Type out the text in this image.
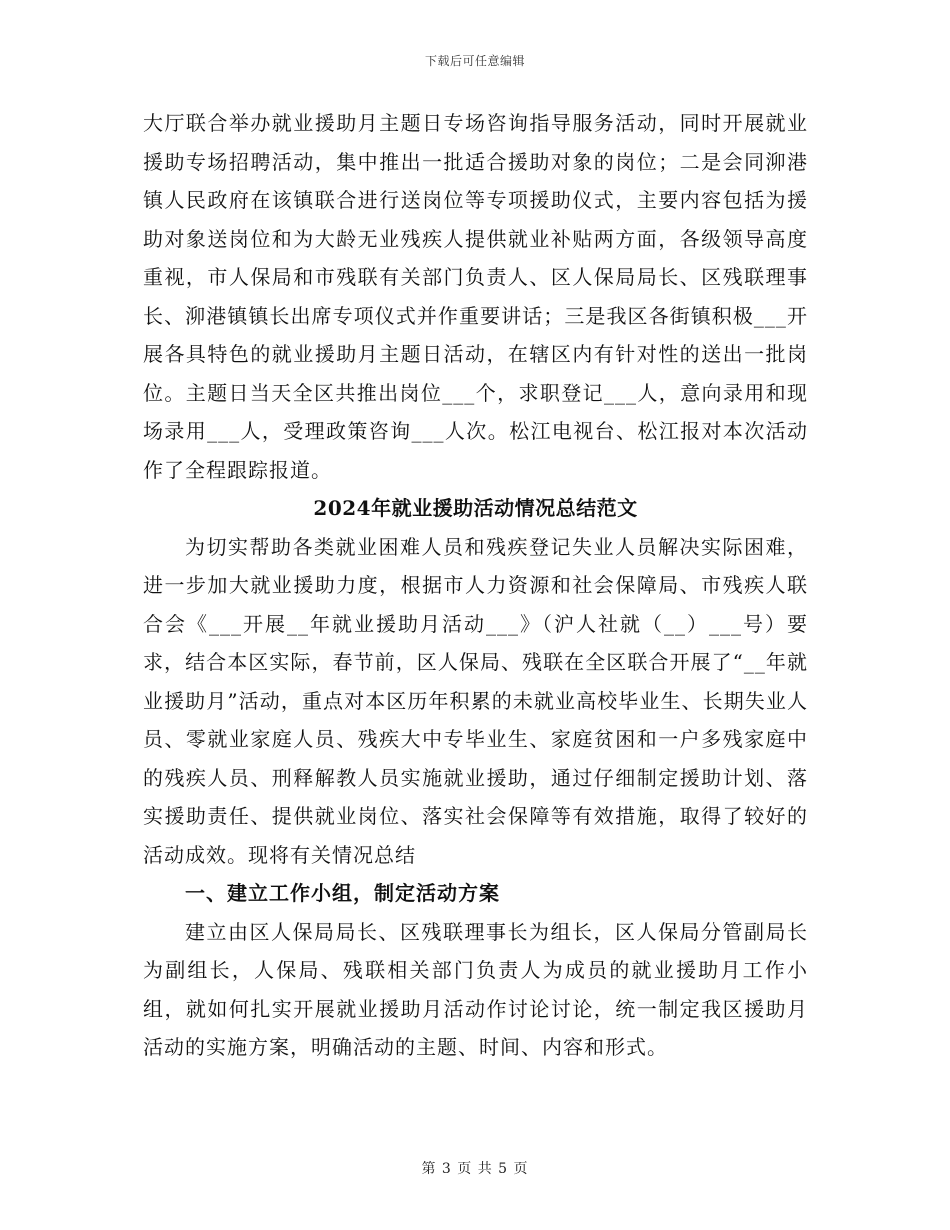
下载后可任意编辑

大厅联合举办就业援助月主题日专场咨询指导服务活动，同时开展就业援助专场招聘活动，集中推出一批适合援助对象的岗位；二是会同泖港镇人民政府在该镇联合进行送岗位等专项援助仪式，主要内容包括为援助对象送岗位和为大龄无业残疾人提供就业补贴两方面，各级领导高度重视，市人保局和市残联有关部门负责人、区人保局局长、区残联理事长、泖港镇镇长出席专项仪式并作重要讲话；三是我区各街镇积极___开展各具特色的就业援助月主题日活动，在辖区内有针对性的送出一批岗位。主题日当天全区共推出岗位___个，求职登记___人，意向录用和现场录用___人，受理政策咨询___人次。松江电视台、松江报对本次活动作了全程跟踪报道。

2024年就业援助活动情况总结范文

为切实帮助各类就业困难人员和残疾登记失业人员解决实际困难，进一步加大就业援助力度，根据市人力资源和社会保障局、市残疾人联合会《___开展__年就业援助月活动___》（沪人社就（__）___号）要求，结合本区实际，春节前，区人保局、残联在全区联合开展了“__年就业援助月”活动，重点对本区历年积累的未就业高校毕业生、长期失业人员、零就业家庭人员、残疾大中专毕业生、家庭贫困和一户多残家庭中的残疾人员、刑释解教人员实施就业援助，通过仔细制定援助计划、落实援助责任、提供就业岗位、落实社会保障等有效措施，取得了较好的活动成效。现将有关情况总结

一、建立工作小组，制定活动方案

建立由区人保局局长、区残联理事长为组长，区人保局分管副局长为副组长，人保局、残联相关部门负责人为成员的就业援助月工作小组，就如何扎实开展就业援助月活动作讨论讨论，统一制定我区援助月活动的实施方案，明确活动的主题、时间、内容和形式。

第 3 页 共 5 页
